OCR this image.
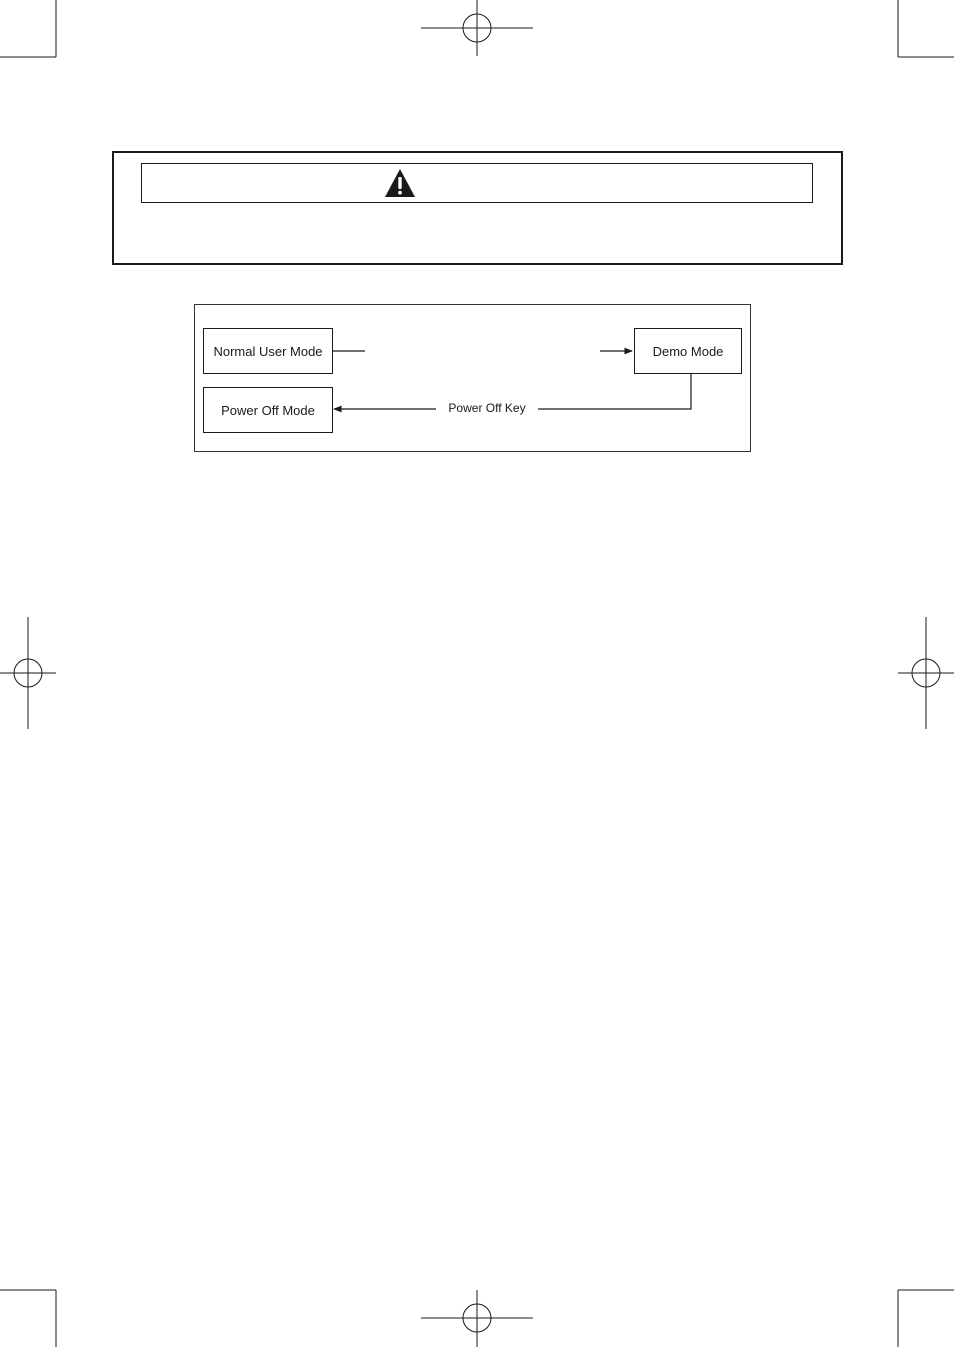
Normal User Mode	Demo Mode
Power Off Mode	Power Off Key
